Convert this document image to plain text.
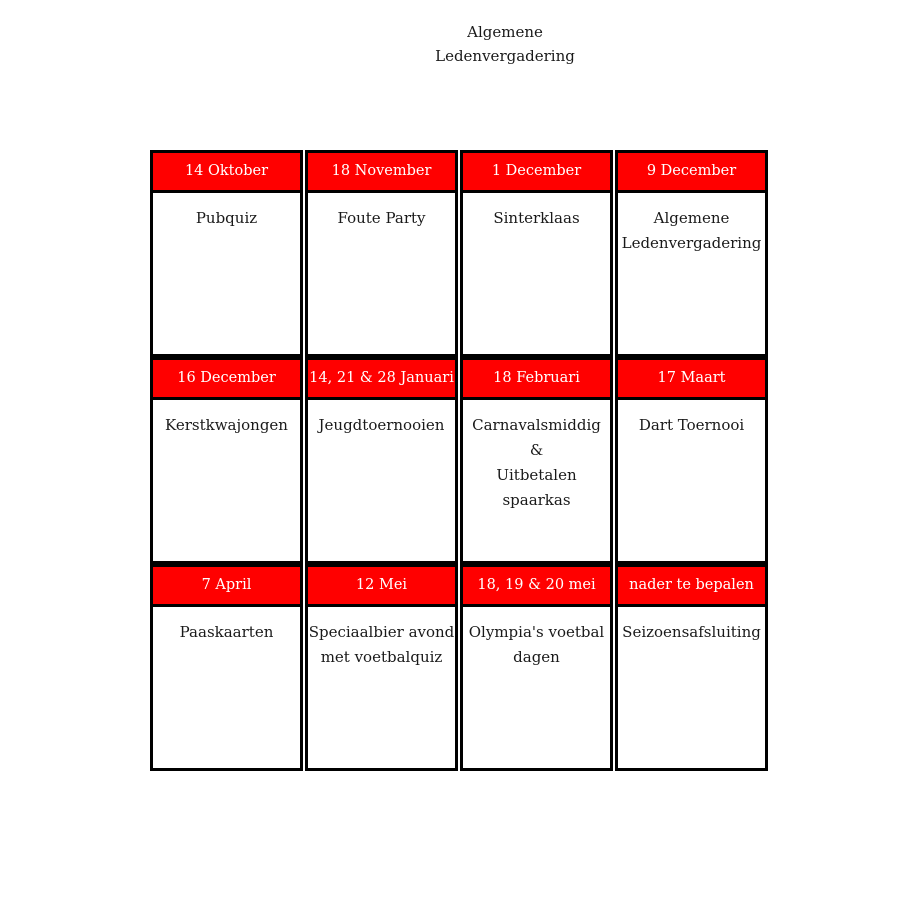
Algemene
Ledenvergadering
14 Oktober
Pubquiz
18 November
Foute Party
1 December
Sinterklaas
9 December
Algemene
Ledenvergadering
16 December
Kerstkwajongen
14, 21 & 28 Januari
Jeugdtoernooien
18 Februari
Carnavalsmiddig
&
Uitbetalen
spaarkas
17 Maart
Dart Toernooi
7 April
Paaskaarten
12 Mei
Speciaalbier avond
met voetbalquiz
18, 19 & 20 mei
Olympia's voetbal
dagen
nader te bepalen
Seizoensafsluiting
